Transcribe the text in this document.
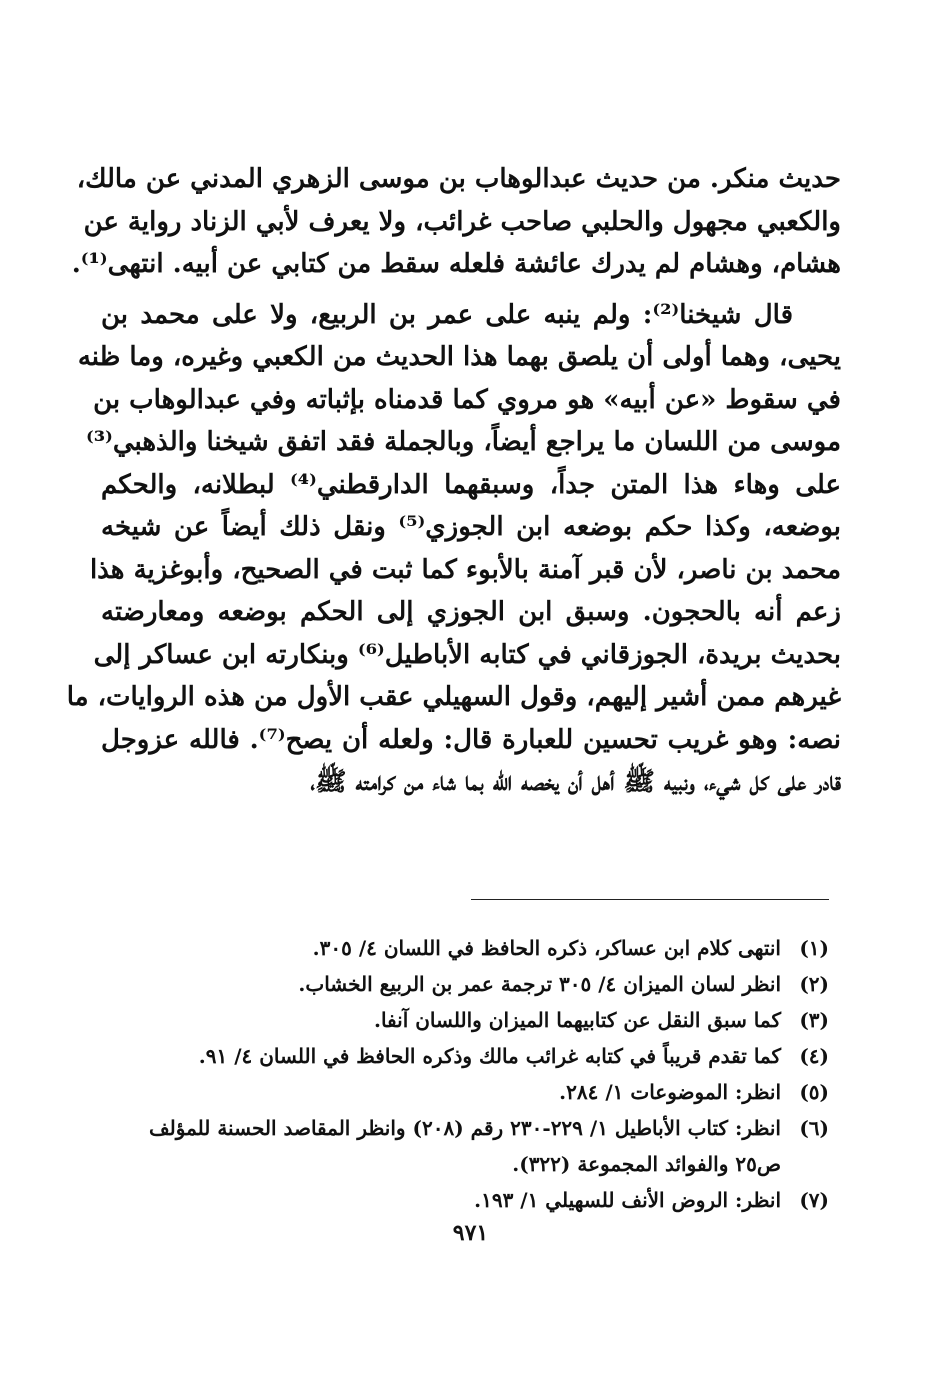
حديث منكر. من حديث عبدالوهاب بن موسى الزهري المدني عن مالك،
والكعبي مجهول والحلبي صاحب غرائب، ولا يعرف لأبي الزناد رواية عن
هشام، وهشام لم يدرك عائشة فلعله سقط من كتابي عن أبيه. انتهى⁽¹⁾.

قال شيخنا⁽²⁾: ولم ينبه على عمر بن الربيع، ولا على محمد بن
يحيى، وهما أولى أن يلصق بهما هذا الحديث من الكعبي وغيره، وما ظنه
في سقوط «عن أبيه» هو مروي كما قدمناه بإثباته وفي عبدالوهاب بن
موسى من اللسان ما يراجع أيضاً، وبالجملة فقد اتفق شيخنا والذهبي⁽³⁾
على وهاء هذا المتن جداً، وسبقهما الدارقطني⁽⁴⁾ لبطلانه، والحكم
بوضعه، وكذا حكم بوضعه ابن الجوزي⁽⁵⁾ ونقل ذلك أيضاً عن شيخه
محمد بن ناصر، لأن قبر آمنة بالأبوء كما ثبت في الصحيح، وأبوغزية هذا
زعم أنه بالحجون. وسبق ابن الجوزي إلى الحكم بوضعه ومعارضته
بحديث بريدة، الجوزقاني في كتابه الأباطيل⁽⁶⁾ وبنكارته ابن عساكر إلى
غيرهم ممن أشير إليهم، وقول السهيلي عقب الأول من هذه الروايات، ما
نصه: وهو غريب تحسين للعبارة قال: ولعله أن يصح⁽⁷⁾. فالله عزوجل
قادر على كل شيء، ونبيه ﷺ أهل أن يخصه الله بما شاء من كرامته ﷺ،

(١)
انتهى كلام ابن عساكر، ذكره الحافظ في اللسان ٤/ ٣٠٥.
(٢)
انظر لسان الميزان ٤/ ٣٠٥ ترجمة عمر بن الربيع الخشاب.
(٣)
كما سبق النقل عن كتابيهما الميزان واللسان آنفا.
(٤)
كما تقدم قريباً في كتابه غرائب مالك وذكره الحافظ في اللسان ٤/ ٩١.
(٥)
انظر: الموضوعات ١/ ٢٨٤.
(٦)
انظر: كتاب الأباطيل ١/ ٢٢٩-٢٣٠ رقم (٢٠٨) وانظر المقاصد الحسنة للمؤلف
ص٢٥ والفوائد المجموعة (٣٢٢).
(٧)
انظر: الروض الأنف للسهيلي ١/ ١٩٣.
٩٧١
